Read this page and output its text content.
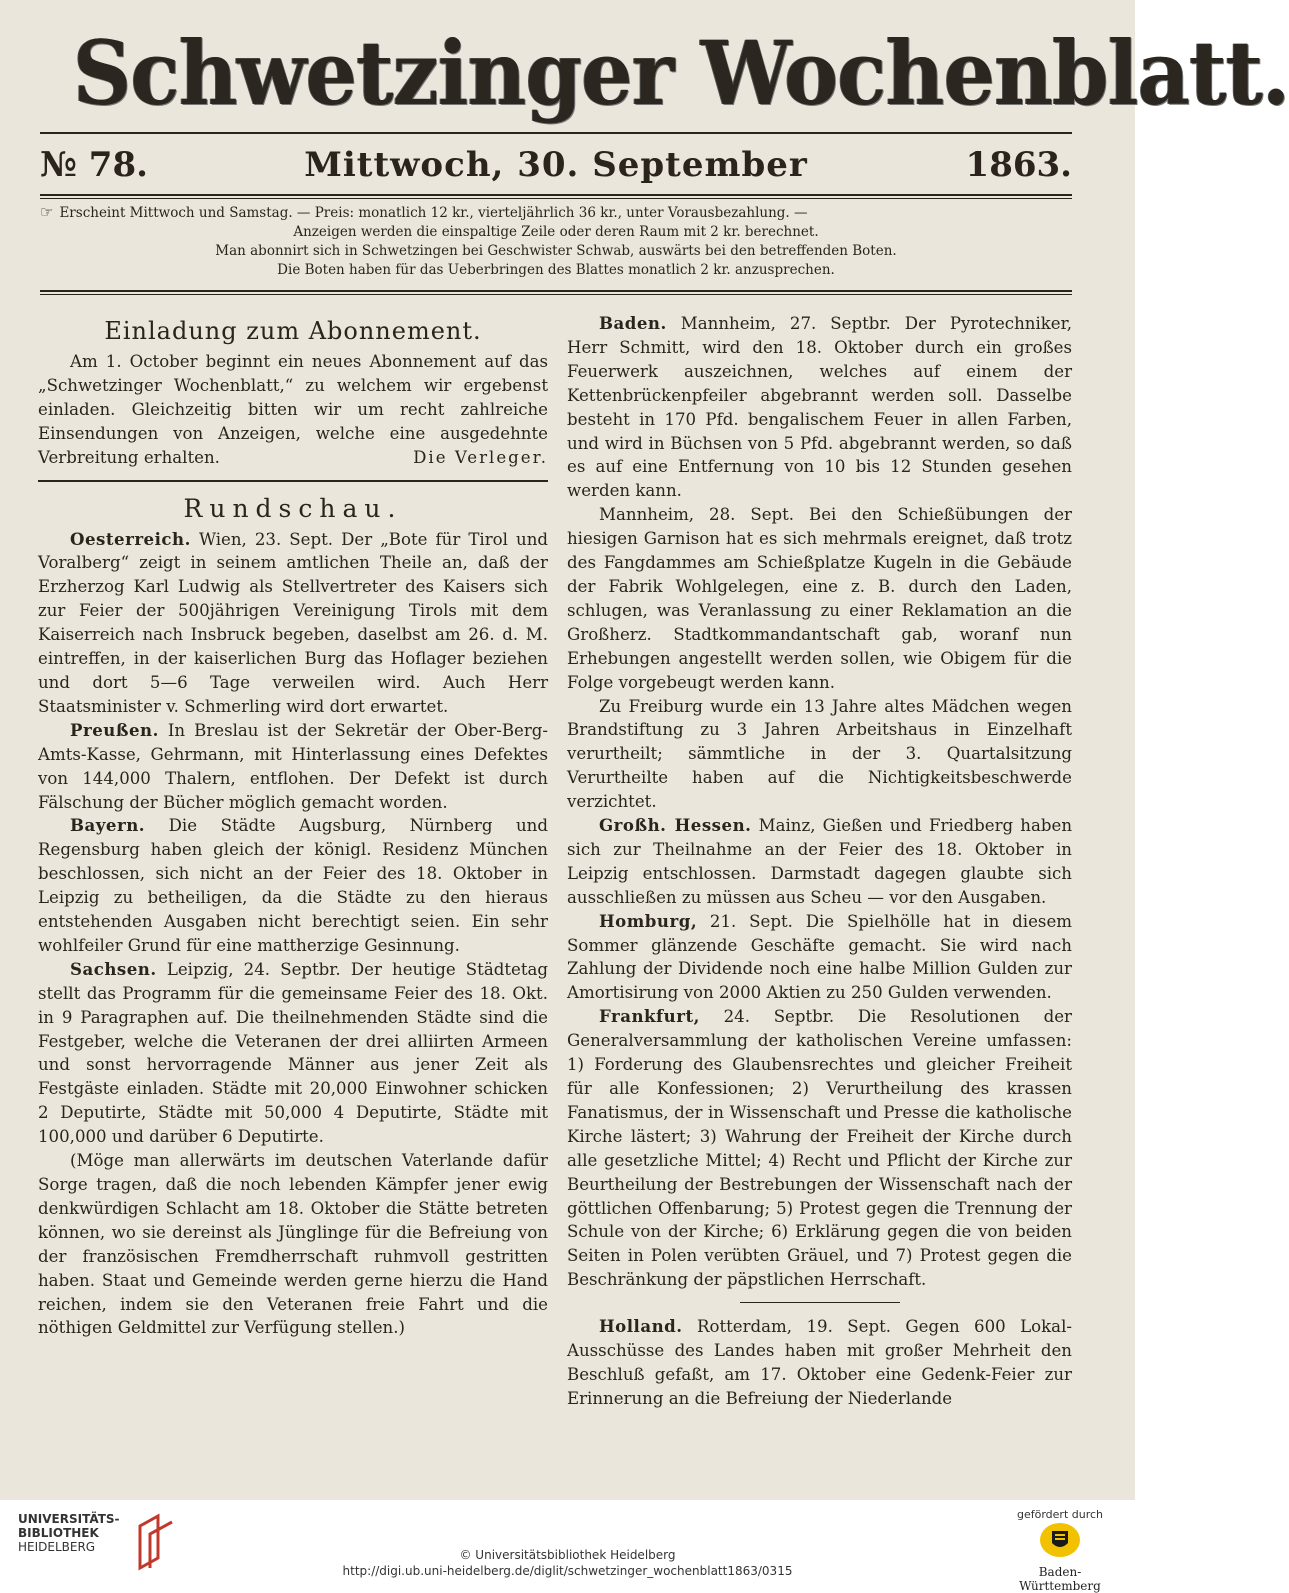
Schwetzinger Wochenblatt.
№ 78.	Mittwoch, 30. September	1863.
☞ Erscheint Mittwoch und Samstag. — Preis: monatlich 12 kr., vierteljährlich 36 kr., unter Vorausbezahlung. —
Anzeigen werden die einspaltige Zeile oder deren Raum mit 2 kr. berechnet.
Man abonnirt sich in Schwetzingen bei Geschwister Schwab, auswärts bei den betreffenden Boten.
Die Boten haben für das Ueberbringen des Blattes monatlich 2 kr. anzusprechen.
Einladung zum Abonnement.

Am 1. October beginnt ein neues Abonnement auf das „Schwetzinger Wochenblatt,“ zu welchem wir ergebenst einladen. Gleichzeitig bitten wir um recht zahlreiche Einsendungen von Anzeigen, welche eine ausgedehnte Verbreitung erhalten.	Die Verleger.

Rundschau.

Oesterreich. Wien, 23. Sept. Der „Bote für Tirol und Voralberg“ zeigt in seinem amtlichen Theile an, daß der Erzherzog Karl Ludwig als Stellvertreter des Kaisers sich zur Feier der 500jährigen Vereinigung Tirols mit dem Kaiserreich nach Insbruck begeben, daselbst am 26. d. M. eintreffen, in der kaiserlichen Burg das Hoflager beziehen und dort 5—6 Tage verweilen wird. Auch Herr Staatsminister v. Schmerling wird dort erwartet.

Preußen. In Breslau ist der Sekretär der Ober-Berg-Amts-Kasse, Gehrmann, mit Hinterlassung eines Defektes von 144,000 Thalern, entflohen. Der Defekt ist durch Fälschung der Bücher möglich gemacht worden.

Bayern. Die Städte Augsburg, Nürnberg und Regensburg haben gleich der königl. Residenz München beschlossen, sich nicht an der Feier des 18. Oktober in Leipzig zu betheiligen, da die Städte zu den hieraus entstehenden Ausgaben nicht berechtigt seien. Ein sehr wohlfeiler Grund für eine mattherzige Gesinnung.

Sachsen. Leipzig, 24. Septbr. Der heutige Städtetag stellt das Programm für die gemeinsame Feier des 18. Okt. in 9 Paragraphen auf. Die theilnehmenden Städte sind die Festgeber, welche die Veteranen der drei alliirten Armeen und sonst hervorragende Männer aus jener Zeit als Festgäste einladen. Städte mit 20,000 Einwohner schicken 2 Deputirte, Städte mit 50,000 4 Deputirte, Städte mit 100,000 und darüber 6 Deputirte.

(Möge man allerwärts im deutschen Vaterlande dafür Sorge tragen, daß die noch lebenden Kämpfer jener ewig denkwürdigen Schlacht am 18. Oktober die Stätte betreten können, wo sie dereinst als Jünglinge für die Befreiung von der französischen Fremdherrschaft ruhmvoll gestritten haben. Staat und Gemeinde werden gerne hierzu die Hand reichen, indem sie den Veteranen freie Fahrt und die nöthigen Geldmittel zur Verfügung stellen.)

Baden. Mannheim, 27. Septbr. Der Pyrotechniker, Herr Schmitt, wird den 18. Oktober durch ein großes Feuerwerk auszeichnen, welches auf einem der Kettenbrückenpfeiler abgebrannt werden soll. Dasselbe besteht in 170 Pfd. bengalischem Feuer in allen Farben, und wird in Büchsen von 5 Pfd. abgebrannt werden, so daß es auf eine Entfernung von 10 bis 12 Stunden gesehen werden kann.

Mannheim, 28. Sept. Bei den Schießübungen der hiesigen Garnison hat es sich mehrmals ereignet, daß trotz des Fangdammes am Schießplatze Kugeln in die Gebäude der Fabrik Wohlgelegen, eine z. B. durch den Laden, schlugen, was Veranlassung zu einer Reklamation an die Großherz. Stadtkommandantschaft gab, woranf nun Erhebungen angestellt werden sollen, wie Obigem für die Folge vorgebeugt werden kann.

Zu Freiburg wurde ein 13 Jahre altes Mädchen wegen Brandstiftung zu 3 Jahren Arbeitshaus in Einzelhaft verurtheilt; sämmtliche in der 3. Quartalsitzung Verurtheilte haben auf die Nichtigkeitsbeschwerde verzichtet.

Großh. Hessen. Mainz, Gießen und Friedberg haben sich zur Theilnahme an der Feier des 18. Oktober in Leipzig entschlossen. Darmstadt dagegen glaubte sich ausschließen zu müssen aus Scheu — vor den Ausgaben.

Homburg, 21. Sept. Die Spielhölle hat in diesem Sommer glänzende Geschäfte gemacht. Sie wird nach Zahlung der Dividende noch eine halbe Million Gulden zur Amortisirung von 2000 Aktien zu 250 Gulden verwenden.

Frankfurt, 24. Septbr. Die Resolutionen der Generalversammlung der katholischen Vereine umfassen: 1) Forderung des Glaubensrechtes und gleicher Freiheit für alle Konfessionen; 2) Verurtheilung des krassen Fanatismus, der in Wissenschaft und Presse die katholische Kirche lästert; 3) Wahrung der Freiheit der Kirche durch alle gesetzliche Mittel; 4) Recht und Pflicht der Kirche zur Beurtheilung der Bestrebungen der Wissenschaft nach der göttlichen Offenbarung; 5) Protest gegen die Trennung der Schule von der Kirche; 6) Erklärung gegen die von beiden Seiten in Polen verübten Gräuel, und 7) Protest gegen die Beschränkung der päpstlichen Herrschaft.

Holland. Rotterdam, 19. Sept. Gegen 600 Lokal-Ausschüsse des Landes haben mit großer Mehrheit den Beschluß gefaßt, am 17. Oktober eine Gedenk-Feier zur Erinnerung an die Befreiung der Niederlande

UNIVERSITÄTS-
BIBLIOTHEK
HEIDELBERG
© Universitätsbibliothek Heidelberg
http://digi.ub.uni-heidelberg.de/diglit/schwetzinger_wochenblatt1863/0315
gefördert durch
Baden-Württemberg
